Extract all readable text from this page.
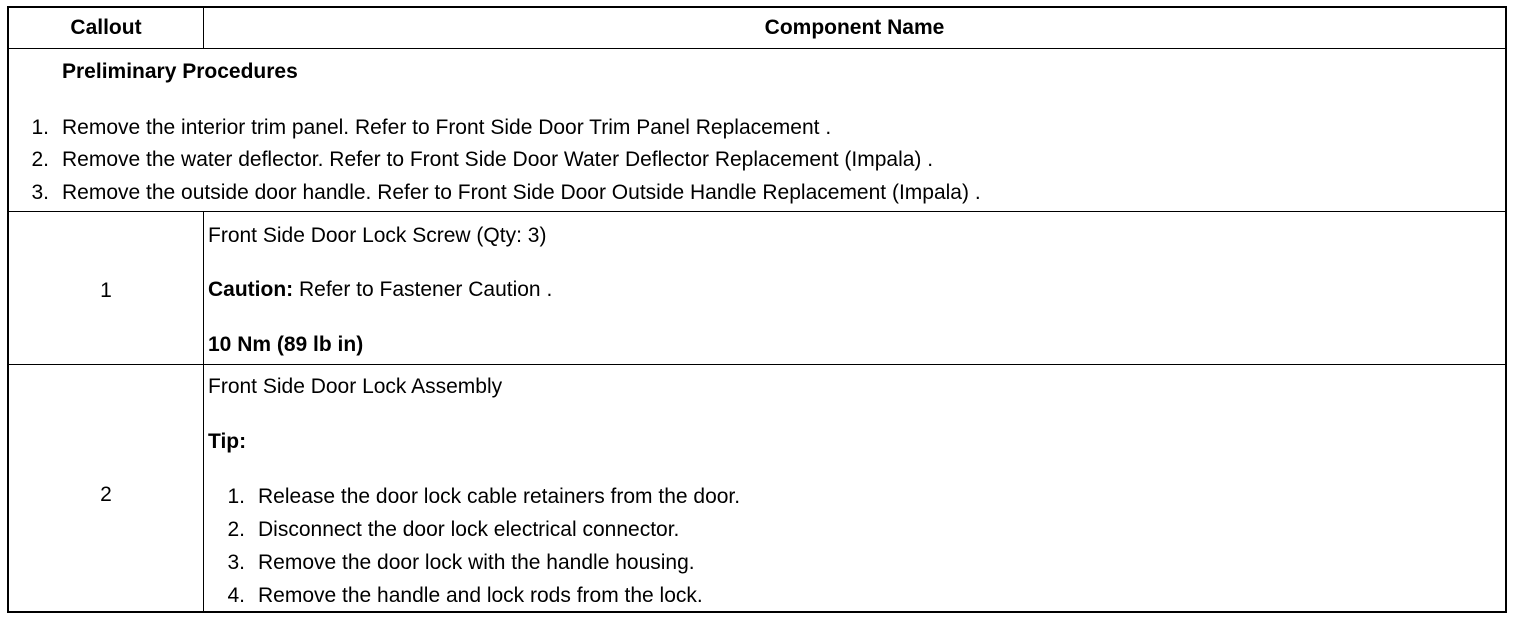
Callout	Component Name
Preliminary Procedures
1. Remove the interior trim panel. Refer to Front Side Door Trim Panel Replacement .
2. Remove the water deflector. Refer to Front Side Door Water Deflector Replacement (Impala) .
3. Remove the outside door handle. Refer to Front Side Door Outside Handle Replacement (Impala) .
1
Front Side Door Lock Screw (Qty: 3)
Caution: Refer to Fastener Caution .
10 Nm (89 lb in)
2
Front Side Door Lock Assembly
Tip:
1. Release the door lock cable retainers from the door.
2. Disconnect the door lock electrical connector.
3. Remove the door lock with the handle housing.
4. Remove the handle and lock rods from the lock.
